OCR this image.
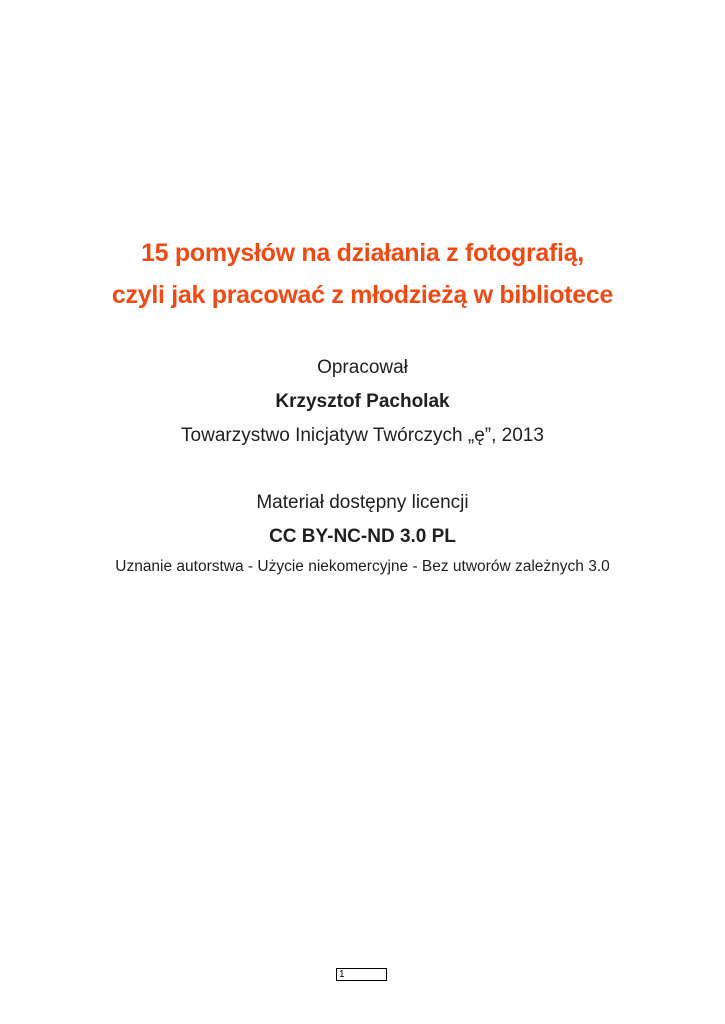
15 pomysłów na działania z fotografią,
czyli jak pracować z młodzieżą w bibliotece
Opracował
Krzysztof Pacholak
Towarzystwo Inicjatyw Twórczych „ę”, 2013
Materiał dostępny licencji
CC BY-NC-ND 3.0 PL
Uznanie autorstwa - Użycie niekomercyjne - Bez utworów zależnych 3.0
1
